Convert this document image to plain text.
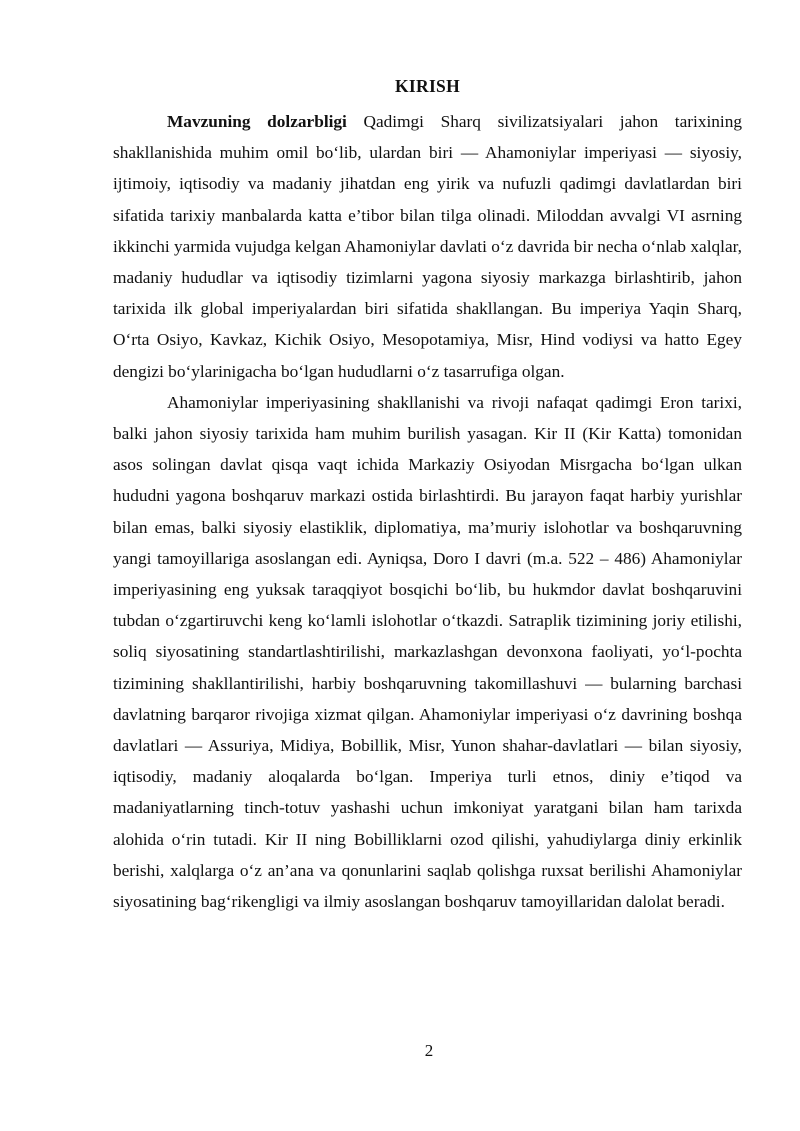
KIRISH

Mavzuning dolzarbligi Qadimgi Sharq sivilizatsiyalari jahon tarixining shakllanishida muhim omil bo‘lib, ulardan biri — Ahamoniylar imperiyasi — siyosiy, ijtimoiy, iqtisodiy va madaniy jihatdan eng yirik va nufuzli qadimgi davlatlardan biri sifatida tarixiy manbalarda katta e’tibor bilan tilga olinadi. Miloddan avvalgi VI asrning ikkinchi yarmida vujudga kelgan Ahamoniylar davlati o‘z davrida bir necha o‘nlab xalqlar, madaniy hududlar va iqtisodiy tizimlarni yagona siyosiy markazga birlashtirib, jahon tarixida ilk global imperiyalardan biri sifatida shakllangan. Bu imperiya Yaqin Sharq, O‘rta Osiyo, Kavkaz, Kichik Osiyo, Mesopotamiya, Misr, Hind vodiysi va hatto Egey dengizi bo‘ylarinigacha bo‘lgan hududlarni o‘z tasarrufiga olgan.

Ahamoniylar imperiyasining shakllanishi va rivoji nafaqat qadimgi Eron tarixi, balki jahon siyosiy tarixida ham muhim burilish yasagan. Kir II (Kir Katta) tomonidan asos solingan davlat qisqa vaqt ichida Markaziy Osiyodan Misrgacha bo‘lgan ulkan hududni yagona boshqaruv markazi ostida birlashtirdi. Bu jarayon faqat harbiy yurishlar bilan emas, balki siyosiy elastiklik, diplomatiya, ma’muriy islohotlar va boshqaruvning yangi tamoyillariga asoslangan edi. Ayniqsa, Doro I davri (m.a. 522 – 486) Ahamoniylar imperiyasining eng yuksak taraqqiyot bosqichi bo‘lib, bu hukmdor davlat boshqaruvini tubdan o‘zgartiruvchi keng ko‘lamli islohotlar o‘tkazdi. Satraplik tizimining joriy etilishi, soliq siyosatining standartlashtirilishi, markazlashgan devonxona faoliyati, yo‘l-pochta tizimining shakllantirilishi, harbiy boshqaruvning takomillashuvi — bularning barchasi davlatning barqaror rivojiga xizmat qilgan. Ahamoniylar imperiyasi o‘z davrining boshqa davlatlari — Assuriya, Midiya, Bobillik, Misr, Yunon shahar-davlatlari — bilan siyosiy, iqtisodiy, madaniy aloqalarda bo‘lgan. Imperiya turli etnos, diniy e’tiqod va madaniyatlarning tinch-totuv yashashi uchun imkoniyat yaratgani bilan ham tarixda alohida o‘rin tutadi. Kir II ning Bobilliklarni ozod qilishi, yahudiylarga diniy erkinlik berishi, xalqlarga o‘z an’ana va qonunlarini saqlab qolishga ruxsat berilishi Ahamoniylar siyosatining bag‘rikengligi va ilmiy asoslangan boshqaruv tamoyillaridan dalolat beradi.

2
